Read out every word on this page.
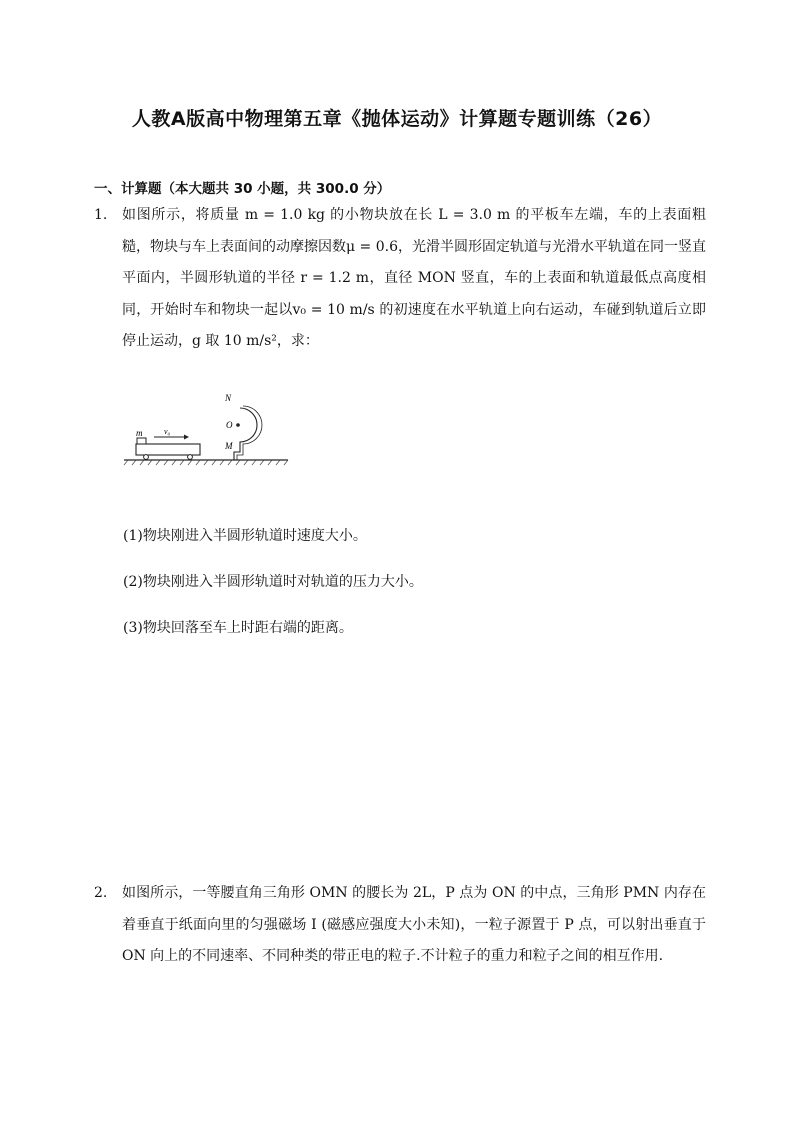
人教A版高中物理第五章《抛体运动》计算题专题训练（26）
一、计算题（本大题共 30 小题，共 300.0 分）
1. 如图所示，将质量 m = 1.0 kg 的小物块放在长 L = 3.0 m 的平板车左端，车的上表面粗糙，物块与车上表面间的动摩擦因数μ = 0.6，光滑半圆形固定轨道与光滑水平轨道在同一竖直平面内，半圆形轨道的半径 r = 1.2 m，直径 MON 竖直，车的上表面和轨道最低点高度相同，开始时车和物块一起以v₀ = 10 m/s 的初速度在水平轨道上向右运动，车碰到轨道后立即停止运动，g 取 10 m/s²，求：
m	v₀
N
O
M
(1)物块刚进入半圆形轨道时速度大小。
(2)物块刚进入半圆形轨道时对轨道的压力大小。
(3)物块回落至车上时距右端的距离。
2. 如图所示，一等腰直角三角形 OMN 的腰长为 2L，P 点为 ON 的中点，三角形 PMN 内存在着垂直于纸面向里的匀强磁场 I (磁感应强度大小未知)，一粒子源置于 P 点，可以射出垂直于 ON 向上的不同速率、不同种类的带正电的粒子.不计粒子的重力和粒子之间的相互作用.
